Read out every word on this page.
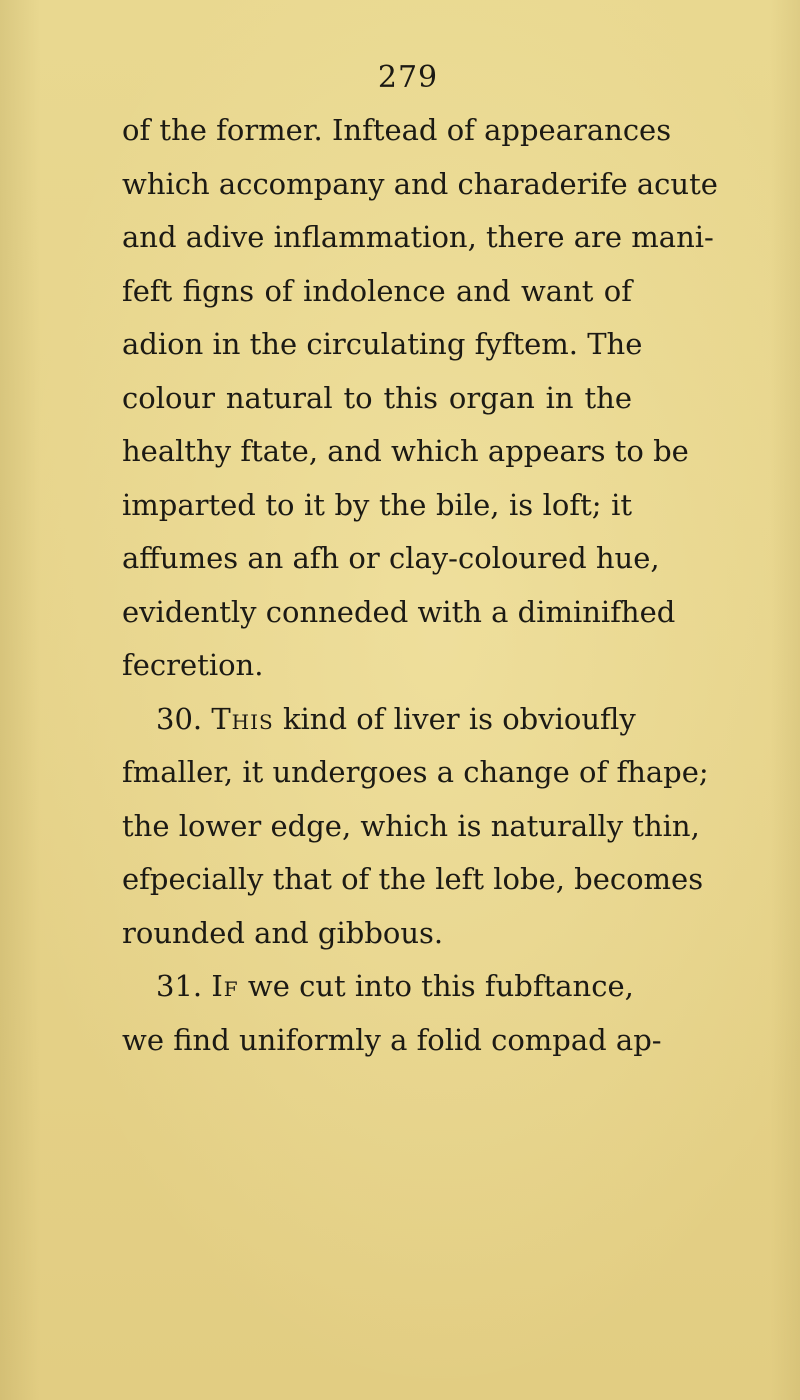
279
of the former. Inftead of appearances
which accompany and charaderife acute
and adive inflammation, there are mani-
feft figns of indolence and want of
adion in the circulating fyftem. The
colour natural to this organ in the
healthy ftate, and which appears to be
imparted to it by the bile, is loft; it
affumes an afh or clay-coloured hue,
evidently conneded with a diminifhed
fecretion.
30. This kind of liver is obvioufly
fmaller, it undergoes a change of fhape;
the lower edge, which is naturally thin,
efpecially that of the left lobe, becomes
rounded and gibbous.
31. If we cut into this fubftance,
we find uniformly a folid compad ap-
